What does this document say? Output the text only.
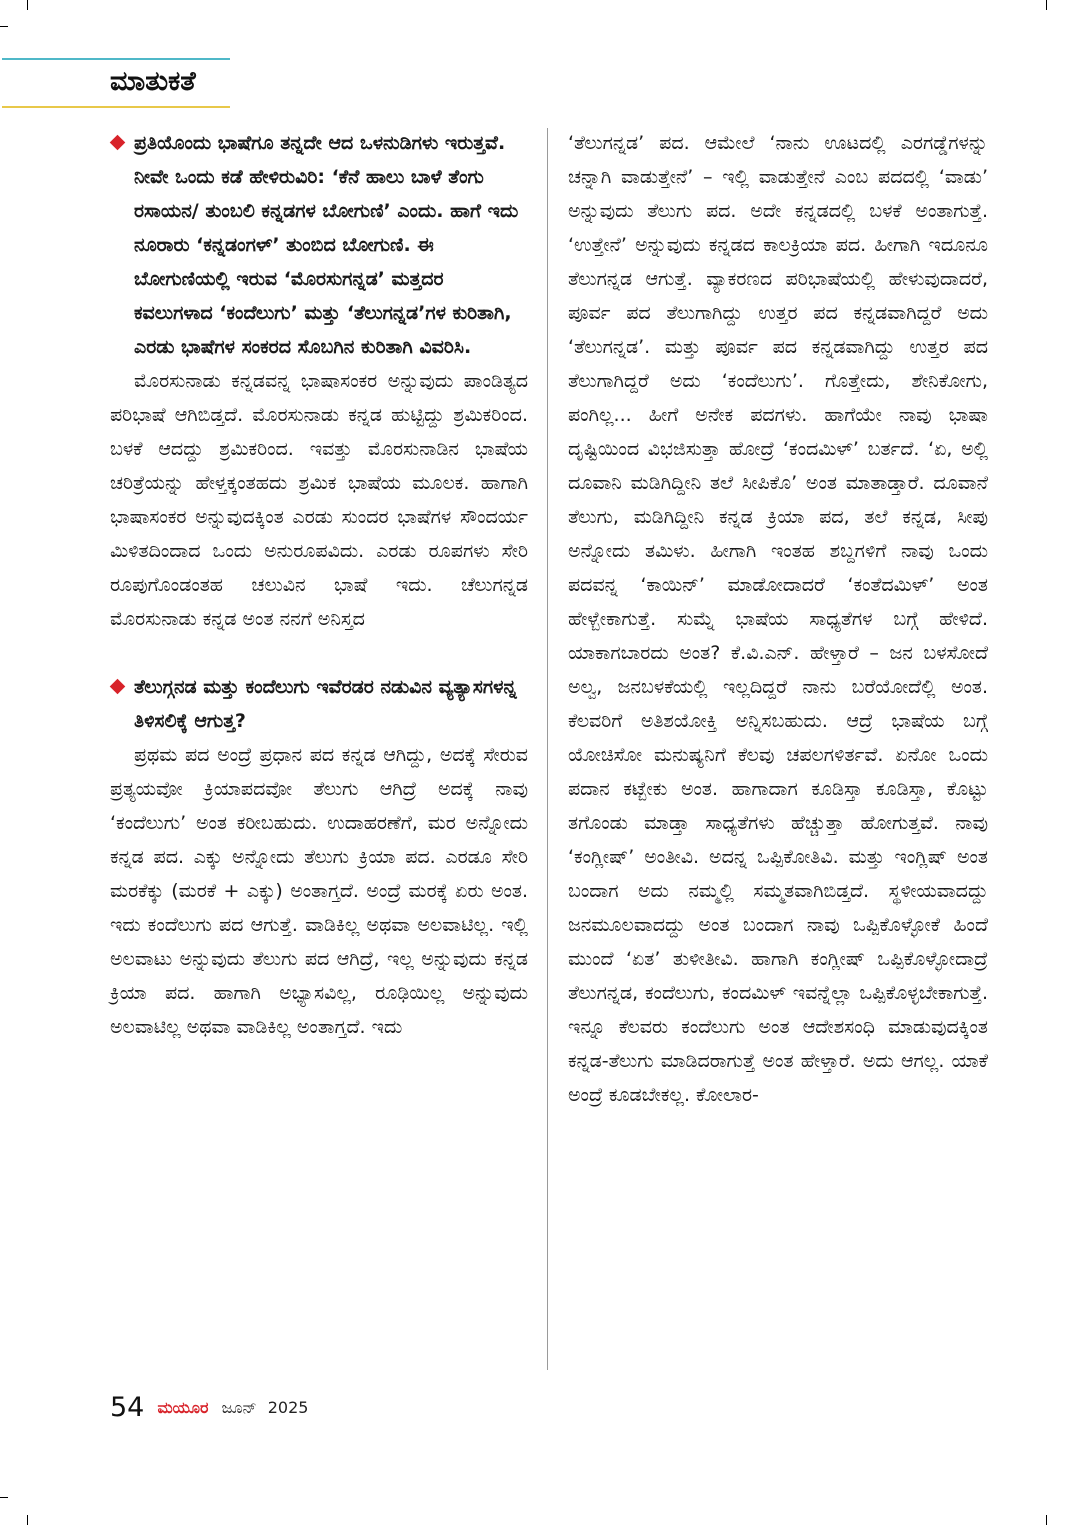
ಮಾತುಕತೆ

ಪ್ರತಿಯೊಂದು ಭಾಷೆಗೂ ತನ್ನದೇ ಆದ ಒಳನುಡಿಗಳು ಇರುತ್ತವೆ. ನೀವೇ ಒಂದು ಕಡೆ ಹೇಳಿರುವಿರಿ: ‘ಕೆನೆ ಹಾಲು ಬಾಳೆ ತೆಂಗು ರಸಾಯನ/ ತುಂಬಲಿ ಕನ್ನಡಗಳ ಬೋಗುಣಿ’ ಎಂದು. ಹಾಗೆ ಇದು ನೂರಾರು ‘ಕನ್ನಡಂಗಳ್’ ತುಂಬಿದ ಬೋಗುಣಿ. ಈ ಬೋಗುಣಿಯಲ್ಲಿ ಇರುವ ‘ಮೊರಸುಗನ್ನಡ’ ಮತ್ತದರ ಕವಲುಗಳಾದ ‘ಕಂದೆಲುಗು’ ಮತ್ತು ‘ತೆಲುಗನ್ನಡ’ಗಳ ಕುರಿತಾಗಿ, ಎರಡು ಭಾಷೆಗಳ ಸಂಕರದ ಸೊಬಗಿನ ಕುರಿತಾಗಿ ವಿವರಿಸಿ.

ಮೊರಸುನಾಡು ಕನ್ನಡವನ್ನ ಭಾಷಾಸಂಕರ ಅನ್ನುವುದು ಪಾಂಡಿತ್ಯದ ಪರಿಭಾಷೆ ಆಗಿಬಿಡ್ತದೆ. ಮೊರಸುನಾಡು ಕನ್ನಡ ಹುಟ್ಟಿದ್ದು ಶ್ರಮಿಕರಿಂದ. ಬಳಕೆ ಆದದ್ದು ಶ್ರಮಿಕರಿಂದ. ಇವತ್ತು ಮೊರಸುನಾಡಿನ ಭಾಷೆಯ ಚರಿತ್ರೆಯನ್ನು ಹೇಳ್ತಕ್ಕಂತಹದು ಶ್ರಮಿಕ ಭಾಷೆಯ ಮೂಲಕ. ಹಾಗಾಗಿ ಭಾಷಾಸಂಕರ ಅನ್ನುವುದಕ್ಕಿಂತ ಎರಡು ಸುಂದರ ಭಾಷೆಗಳ ಸೌಂದರ್ಯ ಮಿಳಿತದಿಂದಾದ ಒಂದು ಅನುರೂಪವಿದು. ಎರಡು ರೂಪಗಳು ಸೇರಿ ರೂಪುಗೊಂಡಂತಹ ಚಲುವಿನ ಭಾಷೆ ಇದು. ಚೆಲುಗನ್ನಡ ಮೊರಸುನಾಡು ಕನ್ನಡ ಅಂತ ನನಗೆ ಅನಿಸ್ತದ

ತೆಲುಗ್ಗನಡ ಮತ್ತು ಕಂದೆಲುಗು ಇವೆರಡರ ನಡುವಿನ ವ್ಯತ್ಯಾಸಗಳನ್ನ ತಿಳಿಸಲಿಕ್ಕೆ ಆಗುತ್ತ?

ಪ್ರಥಮ ಪದ ಅಂದ್ರೆ ಪ್ರಧಾನ ಪದ ಕನ್ನಡ ಆಗಿದ್ದು, ಅದಕ್ಕೆ ಸೇರುವ ಪ್ರತ್ಯಯವೋ ಕ್ರಿಯಾಪದವೋ ತೆಲುಗು ಆಗಿದ್ರೆ ಅದಕ್ಕೆ ನಾವು ‘ಕಂದೆಲುಗು’ ಅಂತ ಕರೀಬಹುದು. ಉದಾಹರಣೆಗೆ, ಮರ ಅನ್ನೋದು ಕನ್ನಡ ಪದ. ಎಕ್ಕು ಅನ್ನೋದು ತೆಲುಗು ಕ್ರಿಯಾ ಪದ. ಎರಡೂ ಸೇರಿ ಮರಕೆಕ್ಕು (ಮರಕೆ + ಎಕ್ಕು) ಅಂತಾಗ್ತದೆ. ಅಂದ್ರೆ ಮರಕ್ಕೆ ಏರು ಅಂತ. ಇದು ಕಂದೆಲುಗು ಪದ ಆಗುತ್ತೆ. ವಾಡಿಕಿಲ್ಲ ಅಥವಾ ಅಲವಾಟಿಲ್ಲ. ಇಲ್ಲಿ ಅಲವಾಟು ಅನ್ನುವುದು ತೆಲುಗು ಪದ ಆಗಿದ್ರೆ, ಇಲ್ಲ ಅನ್ನುವುದು ಕನ್ನಡ ಕ್ರಿಯಾ ಪದ. ಹಾಗಾಗಿ ಅಭ್ಯಾಸವಿಲ್ಲ, ರೂಢಿಯಿಲ್ಲ ಅನ್ನುವುದು ಅಲವಾಟಿಲ್ಲ ಅಥವಾ ವಾಡಿಕಿಲ್ಲ ಅಂತಾಗ್ತದೆ. ಇದು

‘ತೆಲುಗನ್ನಡ’ ಪದ. ಆಮೇಲೆ ‘ನಾನು ಊಟದಲ್ಲಿ ಎರಗಡ್ಡೆಗಳನ್ನು ಚನ್ನಾಗಿ ವಾಡುತ್ತೇನೆ’ – ಇಲ್ಲಿ ವಾಡುತ್ತೇನೆ ಎಂಬ ಪದದಲ್ಲಿ ‘ವಾಡು’ ಅನ್ನುವುದು ತೆಲುಗು ಪದ. ಅದೇ ಕನ್ನಡದಲ್ಲಿ ಬಳಕೆ ಅಂತಾಗುತ್ತೆ. ‘ಉತ್ತೇನೆ’ ಅನ್ನುವುದು ಕನ್ನಡದ ಕಾಲಕ್ರಿಯಾ ಪದ. ಹೀಗಾಗಿ ಇದೂನೂ ತೆಲುಗನ್ನಡ ಆಗುತ್ತೆ. ವ್ಯಾಕರಣದ ಪರಿಭಾಷೆಯಲ್ಲಿ ಹೇಳುವುದಾದರೆ, ಪೂರ್ವ ಪದ ತೆಲುಗಾಗಿದ್ದು ಉತ್ತರ ಪದ ಕನ್ನಡವಾಗಿದ್ದರೆ ಅದು ‘ತೆಲುಗನ್ನಡ’. ಮತ್ತು ಪೂರ್ವ ಪದ ಕನ್ನಡವಾಗಿದ್ದು ಉತ್ತರ ಪದ ತೆಲುಗಾಗಿದ್ದರೆ ಅದು ‘ಕಂದೆಲುಗು’. ಗೊತ್ತೇದು, ಶೇನಿಕೋಗು, ಪಂಗಿಲ್ಲ... ಹೀಗೆ ಅನೇಕ ಪದಗಳು. ಹಾಗೆಯೇ ನಾವು ಭಾಷಾ ದೃಷ್ಟಿಯಿಂದ ವಿಭಜಿಸುತ್ತಾ ಹೋದ್ರೆ ‘ಕಂದಮಿಳ್’ ಬರ್ತದೆ. ‘ಏ, ಅಲ್ಲಿ ದೂವಾನಿ ಮಡಿಗಿದ್ದೀನಿ ತಲೆ ಸೀಪಿಕೊ’ ಅಂತ ಮಾತಾಡ್ತಾರೆ. ದೂವಾನೆ ತೆಲುಗು, ಮಡಿಗಿದ್ದೀನಿ ಕನ್ನಡ ಕ್ರಿಯಾ ಪದ, ತಲೆ ಕನ್ನಡ, ಸೀಪು ಅನ್ನೋದು ತಮಿಳು. ಹೀಗಾಗಿ ಇಂತಹ ಶಬ್ದಗಳಿಗೆ ನಾವು ಒಂದು ಪದವನ್ನ ‘ಕಾಯಿನ್’ ಮಾಡೋದಾದರೆ ‘ಕಂತೆದಮಿಳ್’ ಅಂತ ಹೇಳ್ಬೇಕಾಗುತ್ತೆ. ಸುಮ್ನೆ ಭಾಷೆಯ ಸಾಧ್ಯತೆಗಳ ಬಗ್ಗೆ ಹೇಳಿದೆ. ಯಾಕಾಗಬಾರದು ಅಂತ? ಕೆ.ವಿ.ಎನ್. ಹೇಳ್ತಾರೆ – ಜನ ಬಳಸೋದೆ ಅಲ್ವ, ಜನಬಳಕೆಯಲ್ಲಿ ಇಲ್ಲದಿದ್ದರೆ ನಾನು ಬರೆಯೋದೆಲ್ಲಿ ಅಂತ. ಕೆಲವರಿಗೆ ಅತಿಶಯೋಕ್ತಿ ಅನ್ನಿಸಬಹುದು. ಆದ್ರೆ ಭಾಷೆಯ ಬಗ್ಗೆ ಯೋಚಿಸೋ ಮನುಷ್ಯನಿಗೆ ಕೆಲವು ಚಪಲಗಳಿರ್ತವೆ. ಏನೋ ಒಂದು ಪದಾನ ಕಟ್ಬೇಕು ಅಂತ. ಹಾಗಾದಾಗ ಕೂಡಿಸ್ತಾ ಕೂಡಿಸ್ತಾ, ಕೊಟ್ಟು ತಗೊಂಡು ಮಾಡ್ತಾ ಸಾಧ್ಯತೆಗಳು ಹೆಚ್ಚುತ್ತಾ ಹೋಗುತ್ತವೆ. ನಾವು ‘ಕಂಗ್ಲೀಷ್’ ಅಂತೀವಿ. ಅದನ್ನ ಒಪ್ಪಿಕೋತಿವಿ. ಮತ್ತು ಇಂಗ್ಲಿಷ್ ಅಂತ ಬಂದಾಗ ಅದು ನಮ್ಮಲ್ಲಿ ಸಮ್ಮತವಾಗಿಬಿಡ್ತದೆ. ಸ್ಥಳೀಯವಾದದ್ದು ಜನಮೂಲವಾದದ್ದು ಅಂತ ಬಂದಾಗ ನಾವು ಒಪ್ಪಿಕೊಳ್ಳೋಕೆ ಹಿಂದೆ ಮುಂದೆ ‘ಏತ’ ತುಳೀತೀವಿ. ಹಾಗಾಗಿ ಕಂಗ್ಲೀಷ್ ಒಪ್ಪಿಕೊಳ್ಳೋದಾದ್ರೆ ತೆಲುಗನ್ನಡ, ಕಂದೆಲುಗು, ಕಂದಮಿಳ್ ಇವನ್ನೆಲ್ಲಾ ಒಪ್ಪಿಕೊಳ್ಳಬೇಕಾಗುತ್ತೆ. ಇನ್ನೂ ಕೆಲವರು ಕಂದೆಲುಗು ಅಂತ ಆದೇಶಸಂಧಿ ಮಾಡುವುದಕ್ಕಿಂತ ಕನ್ನಡ-ತೆಲುಗು ಮಾಡಿದರಾಗುತ್ತೆ ಅಂತ ಹೇಳ್ತಾರೆ. ಅದು ಆಗಲ್ಲ. ಯಾಕೆ ಅಂದ್ರೆ ಕೂಡಬೇಕಲ್ಲ. ಕೋಲಾರ-

54 ಮಯೂರ ಜೂನ್ 2025
